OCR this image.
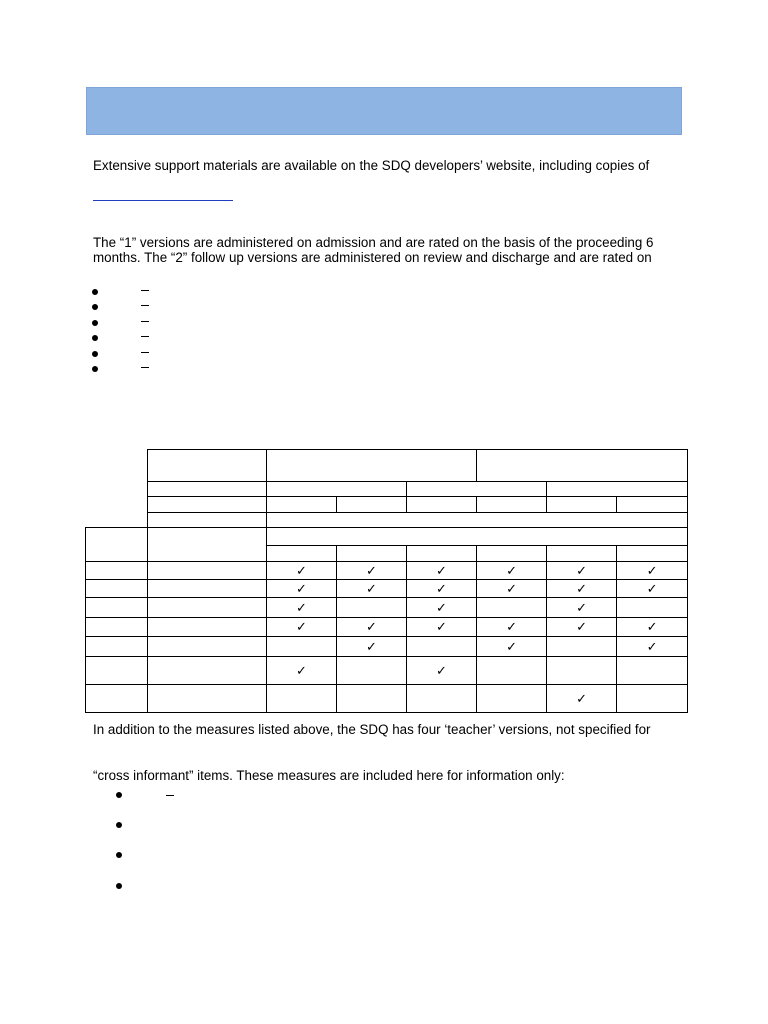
Extensive support materials are available on the SDQ developers’ website, including copies of
The “1” versions are administered on admission and are rated on the basis of the proceeding 6
months. The “2” follow up versions are administered on review and discharge and are rated on

		✓	✓	✓	✓	✓	✓
		✓	✓	✓	✓	✓	✓
		✓		✓		✓	
		✓	✓	✓	✓	✓	✓
			✓		✓		✓
		✓		✓			
						✓	
In addition to the measures listed above, the SDQ has four ‘teacher’ versions, not specified for
“cross informant” items. These measures are included here for information only:
